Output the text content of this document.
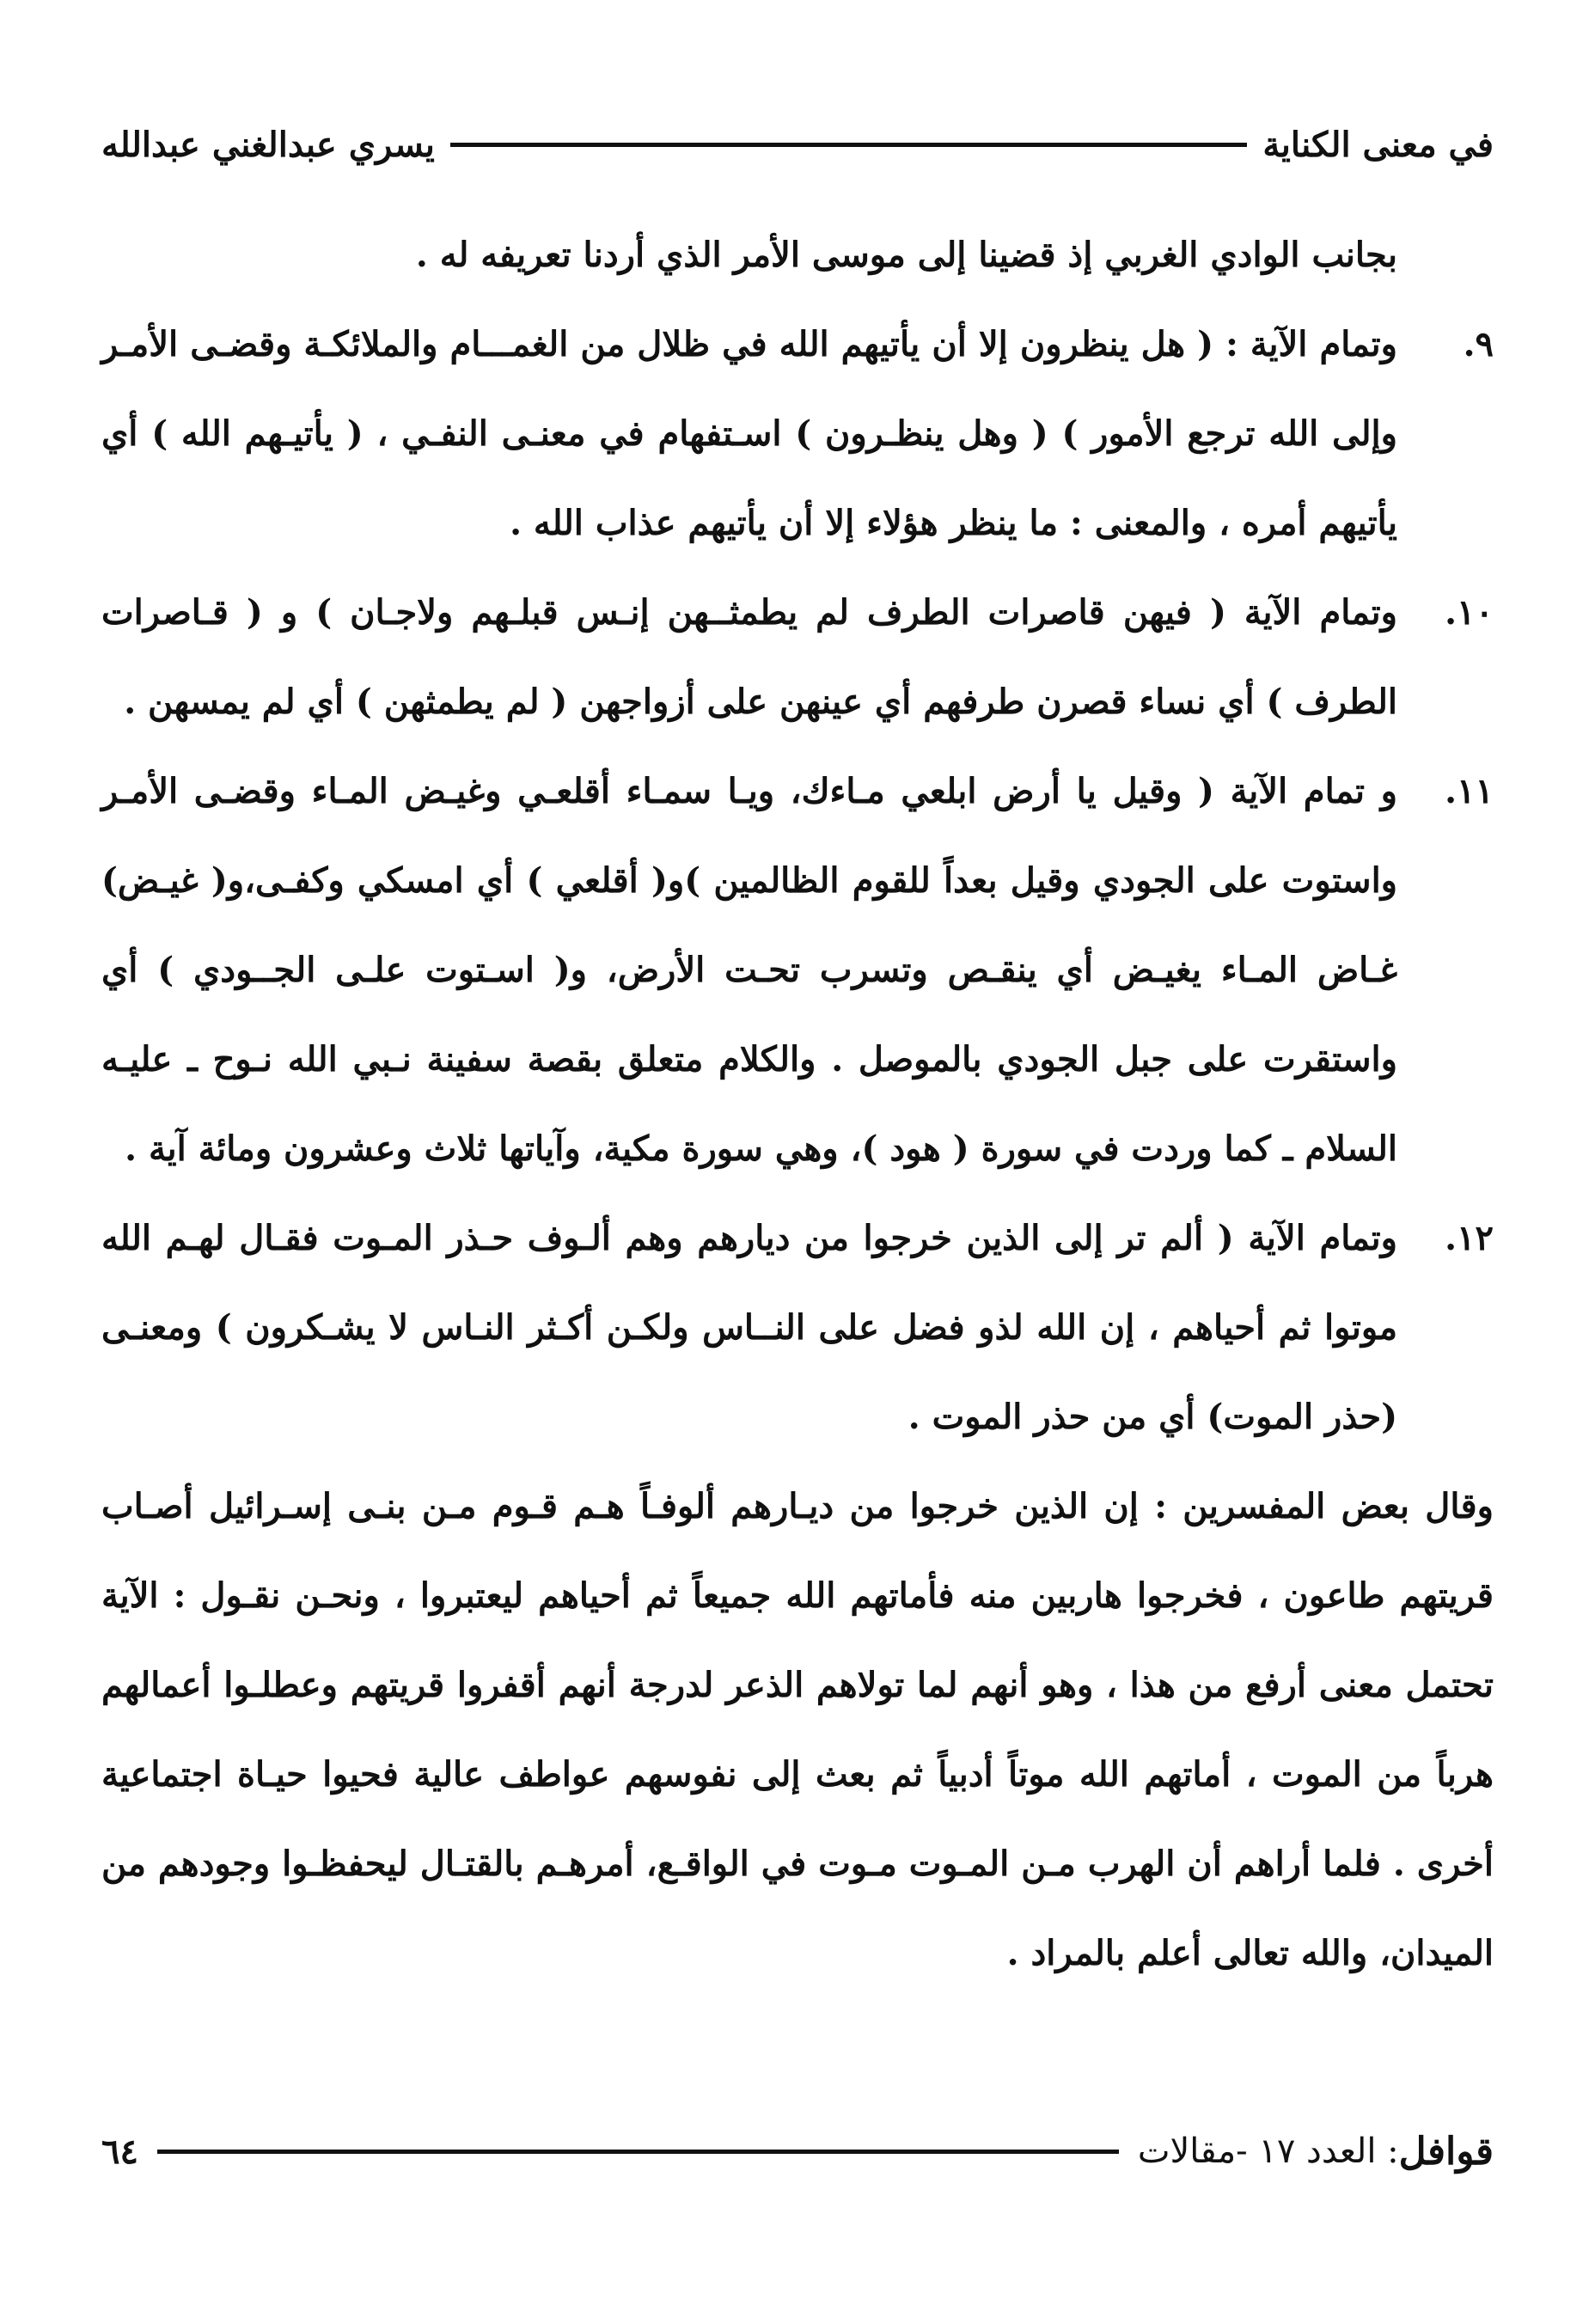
في معنى الكناية
يسري عبدالغني عبدالله
بجانب الوادي الغربي إذ قضينا إلى موسى الأمر الذي أردنا تعريفه له .
٩.
وتمام الآية : ( هل ينظرون إلا أن يأتيهم الله في ظلال من الغمـــام والملائكـة وقضـى الأمـر وإلى الله ترجع الأمور ) ( وهل ينظـرون ) اسـتفهام في معنـى النفـي ، ( يأتيـهم الله ) أي يأتيهم أمره ، والمعنى : ما ينظر هؤلاء إلا أن يأتيهم عذاب الله .
١٠.
وتمام الآية ( فيهن قاصرات الطرف لم يطمثــهن إنـس قبلـهم ولاجـان ) و ( قـاصرات الطرف ) أي نساء قصرن طرفهم أي عينهن على أزواجهن ( لم يطمثهن ) أي لم يمسهن .
١١.
و تمام الآية ( وقيل يا أرض ابلعي مـاءك، ويـا سمـاء أقلعـي وغيـض المـاء وقضـى الأمـر واستوت على الجودي وقيل بعداً للقوم الظالمين )و( أقلعي ) أي امسكي وكفـى،و( غيـض) غـاض المـاء يغيـض أي ينقـص وتسرب تحـت الأرض، و( اسـتوت علـى الجــودي ) أي واستقرت على جبل الجودي بالموصل . والكلام متعلق بقصة سفينة نـبي الله نـوح ـ عليـه السلام ـ كما وردت في سورة ( هود )، وهي سورة مكية، وآياتها ثلاث وعشرون ومائة آية .
١٢.
وتمام الآية ( ألم تر إلى الذين خرجوا من ديارهم وهم ألـوف حـذر المـوت فقـال لهـم الله موتوا ثم أحياهم ، إن الله لذو فضل على النــاس ولكـن أكـثر النـاس لا يشـكرون ) ومعنـى (حذر الموت) أي من حذر الموت .
وقال بعض المفسرين : إن الذين خرجوا من ديـارهم ألوفـاً هـم قـوم مـن بنـى إسـرائيل أصـاب قريتهم طاعون ، فخرجوا هاربين منه فأماتهم الله جميعاً ثم أحياهم ليعتبروا ، ونحـن نقـول : الآية تحتمل معنى أرفع من هذا ، وهو أنهم لما تولاهم الذعر لدرجة أنهم أقفروا قريتهم وعطلـوا أعمالهم هرباً من الموت ، أماتهم الله موتاً أدبياً ثم بعث إلى نفوسهم عواطف عالية فحيوا حيـاة اجتماعية أخرى . فلما أراهم أن الهرب مـن المـوت مـوت في الواقـع، أمرهـم بالقتـال ليحفظـوا وجودهم من الميدان، والله تعالى أعلم بالمراد .
قوافل
: العدد ١٧ -مقالات
٦٤
